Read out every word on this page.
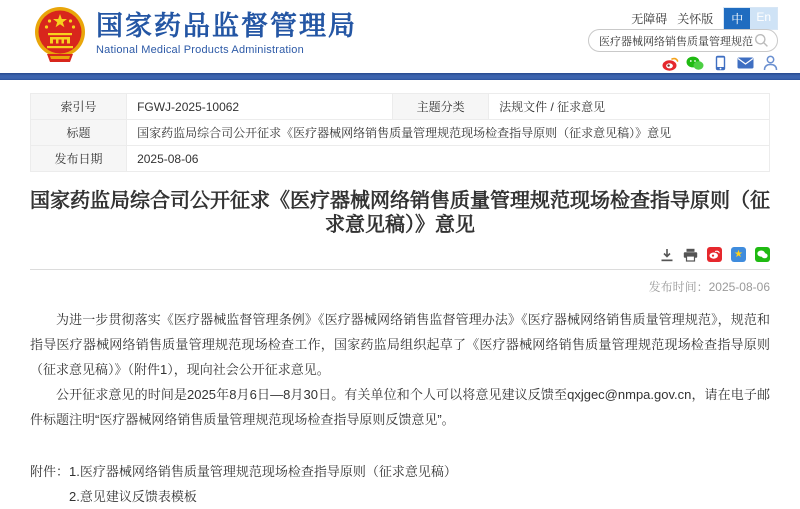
国家药品监督管理局
National Medical Products Administration
无障碍 关怀版	中	En
医疗器械网络销售质量管理规范
索引号	FGWJ-2025-10062	主题分类	法规文件 / 征求意见
标题	国家药监局综合司公开征求《医疗器械网络销售质量管理规范现场检查指导原则（征求意见稿）》意见		
发布日期	2025-08-06		
国家药监局综合司公开征求《医疗器械网络销售质量管理规范现场检查指导原则（征求意见稿）》意见
★
发布时间：2025-08-06

为进一步贯彻落实《医疗器械监督管理条例》《医疗器械网络销售监督管理办法》《医疗器械网络销售质量管理规范》，规范和指导医疗器械网络销售质量管理规范现场检查工作，国家药监局组织起草了《医疗器械网络销售质量管理规范现场检查指导原则（征求意见稿）》（附件1），现向社会公开征求意见。

公开征求意见的时间是2025年8月6日—8月30日。有关单位和个人可以将意见建议反馈至qxjgec@nmpa.gov.cn，请在电子邮件标题注明“医疗器械网络销售质量管理规范现场检查指导原则反馈意见”。

附件： 1.医疗器械网络销售质量管理规范现场检查指导原则（征求意见稿）
2.意见建议反馈表模板
